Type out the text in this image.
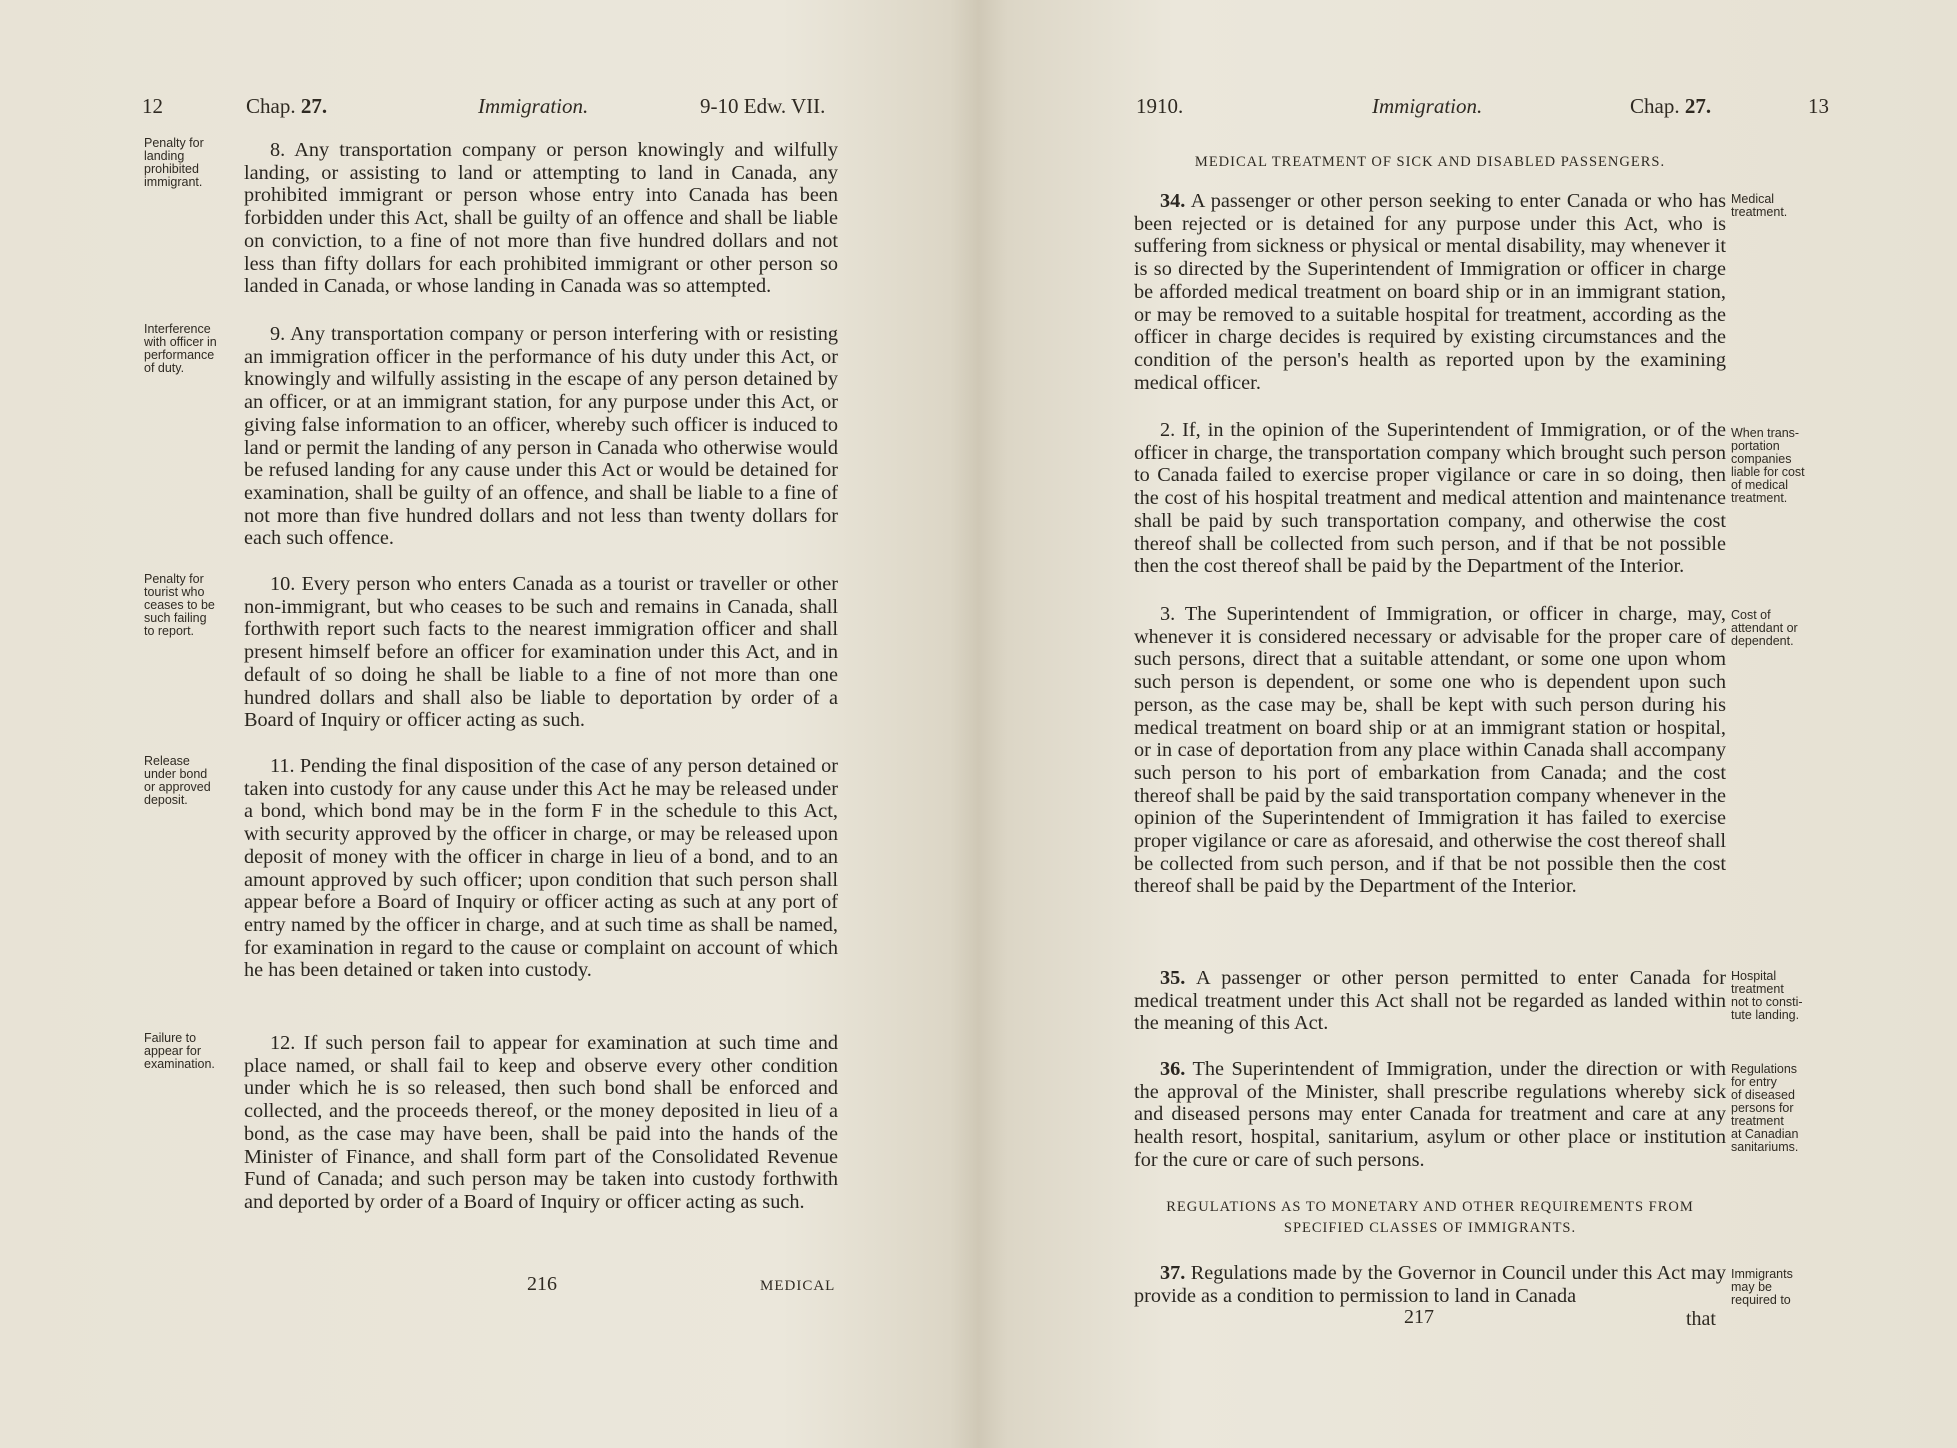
12	Chap. 27.	Immigration.	9-10 Edw. VII.
Penalty for
landing
prohibited
immigrant.
Interference
with officer in
performance
of duty.
Penalty for
tourist who
ceases to be
such failing
to report.
Release
under bond
or approved
deposit.
Failure to
appear for
examination.
8. Any transportation company or person knowingly and wilfully landing, or assisting to land or attempting to land in Canada, any prohibited immigrant or person whose entry into Canada has been forbidden under this Act, shall be guilty of an offence and shall be liable on conviction, to a fine of not more than five hundred dollars and not less than fifty dollars for each prohibited immigrant or other person so landed in Canada, or whose landing in Canada was so attempted.
9. Any transportation company or person interfering with or resisting an immigration officer in the performance of his duty under this Act, or knowingly and wilfully assisting in the escape of any person detained by an officer, or at an immigrant station, for any purpose under this Act, or giving false information to an officer, whereby such officer is induced to land or permit the landing of any person in Canada who otherwise would be refused landing for any cause under this Act or would be detained for examination, shall be guilty of an offence, and shall be liable to a fine of not more than five hundred dollars and not less than twenty dollars for each such offence.
10. Every person who enters Canada as a tourist or traveller or other non-immigrant, but who ceases to be such and remains in Canada, shall forthwith report such facts to the nearest immigration officer and shall present himself before an officer for examination under this Act, and in default of so doing he shall be liable to a fine of not more than one hundred dollars and shall also be liable to deportation by order of a Board of Inquiry or officer acting as such.
11. Pending the final disposition of the case of any person detained or taken into custody for any cause under this Act he may be released under a bond, which bond may be in the form F in the schedule to this Act, with security approved by the officer in charge, or may be released upon deposit of money with the officer in charge in lieu of a bond, and to an amount approved by such officer; upon condition that such person shall appear before a Board of Inquiry or officer acting as such at any port of entry named by the officer in charge, and at such time as shall be named, for examination in regard to the cause or complaint on account of which he has been detained or taken into custody.
12. If such person fail to appear for examination at such time and place named, or shall fail to keep and observe every other condition under which he is so released, then such bond shall be enforced and collected, and the proceeds thereof, or the money deposited in lieu of a bond, as the case may have been, shall be paid into the hands of the Minister of Finance, and shall form part of the Consolidated Revenue Fund of Canada; and such person may be taken into custody forthwith and deported by order of a Board of Inquiry or officer acting as such.
216	MEDICAL
1910.	Immigration.	Chap. 27.	13
MEDICAL TREATMENT OF SICK AND DISABLED PASSENGERS.
Medical
treatment.
When trans-
portation
companies
liable for cost
of medical
treatment.
Cost of
attendant or
dependent.
Hospital
treatment
not to consti-
tute landing.
Regulations
for entry
of diseased
persons for
treatment
at Canadian
sanitariums.
Immigrants
may be
required to
34. A passenger or other person seeking to enter Canada or who has been rejected or is detained for any purpose under this Act, who is suffering from sickness or physical or mental disability, may whenever it is so directed by the Superintendent of Immigration or officer in charge be afforded medical treatment on board ship or in an immigrant station, or may be removed to a suitable hospital for treatment, according as the officer in charge decides is required by existing circumstances and the condition of the person's health as reported upon by the examining medical officer.
2. If, in the opinion of the Superintendent of Immigration, or of the officer in charge, the transportation company which brought such person to Canada failed to exercise proper vigilance or care in so doing, then the cost of his hospital treatment and medical attention and maintenance shall be paid by such transportation company, and otherwise the cost thereof shall be collected from such person, and if that be not possible then the cost thereof shall be paid by the Department of the Interior.
3. The Superintendent of Immigration, or officer in charge, may, whenever it is considered necessary or advisable for the proper care of such persons, direct that a suitable attendant, or some one upon whom such person is dependent, or some one who is dependent upon such person, as the case may be, shall be kept with such person during his medical treatment on board ship or at an immigrant station or hospital, or in case of deportation from any place within Canada shall accompany such person to his port of embarkation from Canada; and the cost thereof shall be paid by the said transportation company whenever in the opinion of the Superintendent of Immigration it has failed to exercise proper vigilance or care as aforesaid, and otherwise the cost thereof shall be collected from such person, and if that be not possible then the cost thereof shall be paid by the Department of the Interior.
35. A passenger or other person permitted to enter Canada for medical treatment under this Act shall not be regarded as landed within the meaning of this Act.
36. The Superintendent of Immigration, under the direction or with the approval of the Minister, shall prescribe regulations whereby sick and diseased persons may enter Canada for treatment and care at any health resort, hospital, sanitarium, asylum or other place or institution for the cure or care of such persons.
REGULATIONS AS TO MONETARY AND OTHER REQUIREMENTS FROM SPECIFIED CLASSES OF IMMIGRANTS.
37. Regulations made by the Governor in Council under this Act may provide as a condition to permission to land in Canada
217	that
